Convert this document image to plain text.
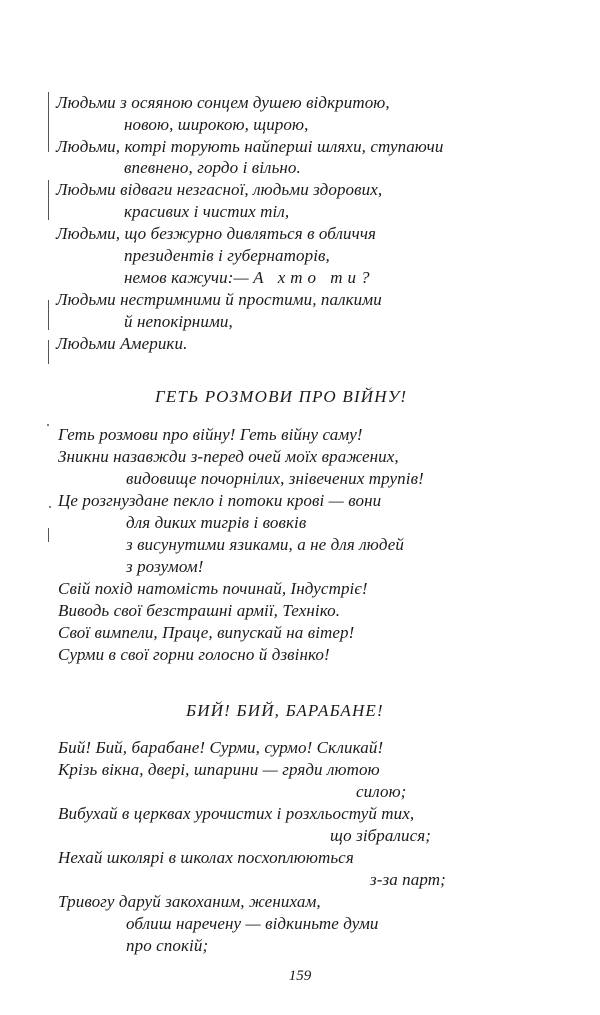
Людьми з осяяною сонцем душею відкритою,
новою, широкою, щирою,
Людьми, котрі торують найперші шляхи, ступаючи
впевнено, гордо і вільно.
Людьми відваги незгасної, людьми здорових,
красивих і чистих тіл,
Людьми, що безжурно дивляться в обличчя
президентів і губернаторів,
немов кажучи:— А хто ти?
Людьми нестримними й простими, палкими
й непокірними,
Людьми Америки.
ГЕТЬ РОЗМОВИ ПРО ВІЙНУ!
Геть розмови про війну! Геть війну саму!
Зникни назавжди з-перед очей моїх вражених,
видовище почорнілих, знівечених трупів!
Це розгнуздане пекло і потоки крові — вони
для диких тигрів і вовків
з висунутими язиками, а не для людей
з розумом!
Свій похід натомість починай, Індустріє!
Виводь свої безстрашні армії, Техніко.
Свої вимпели, Праце, випускай на вітер!
Сурми в свої горни голосно й дзвінко!
БИЙ! БИЙ, БАРАБАНЕ!
Бий! Бий, барабане! Сурми, сурмо! Скликай!
Крізь вікна, двері, шпарини — гряди лютою
силою;
Вибухай в церквах урочистих і розхльостуй тих,
що зібралися;
Нехай школярі в школах посхоплюються
з-за парт;
Тривогу даруй закоханим, женихам,
облиш наречену — відкиньте думи
про спокій;
159
